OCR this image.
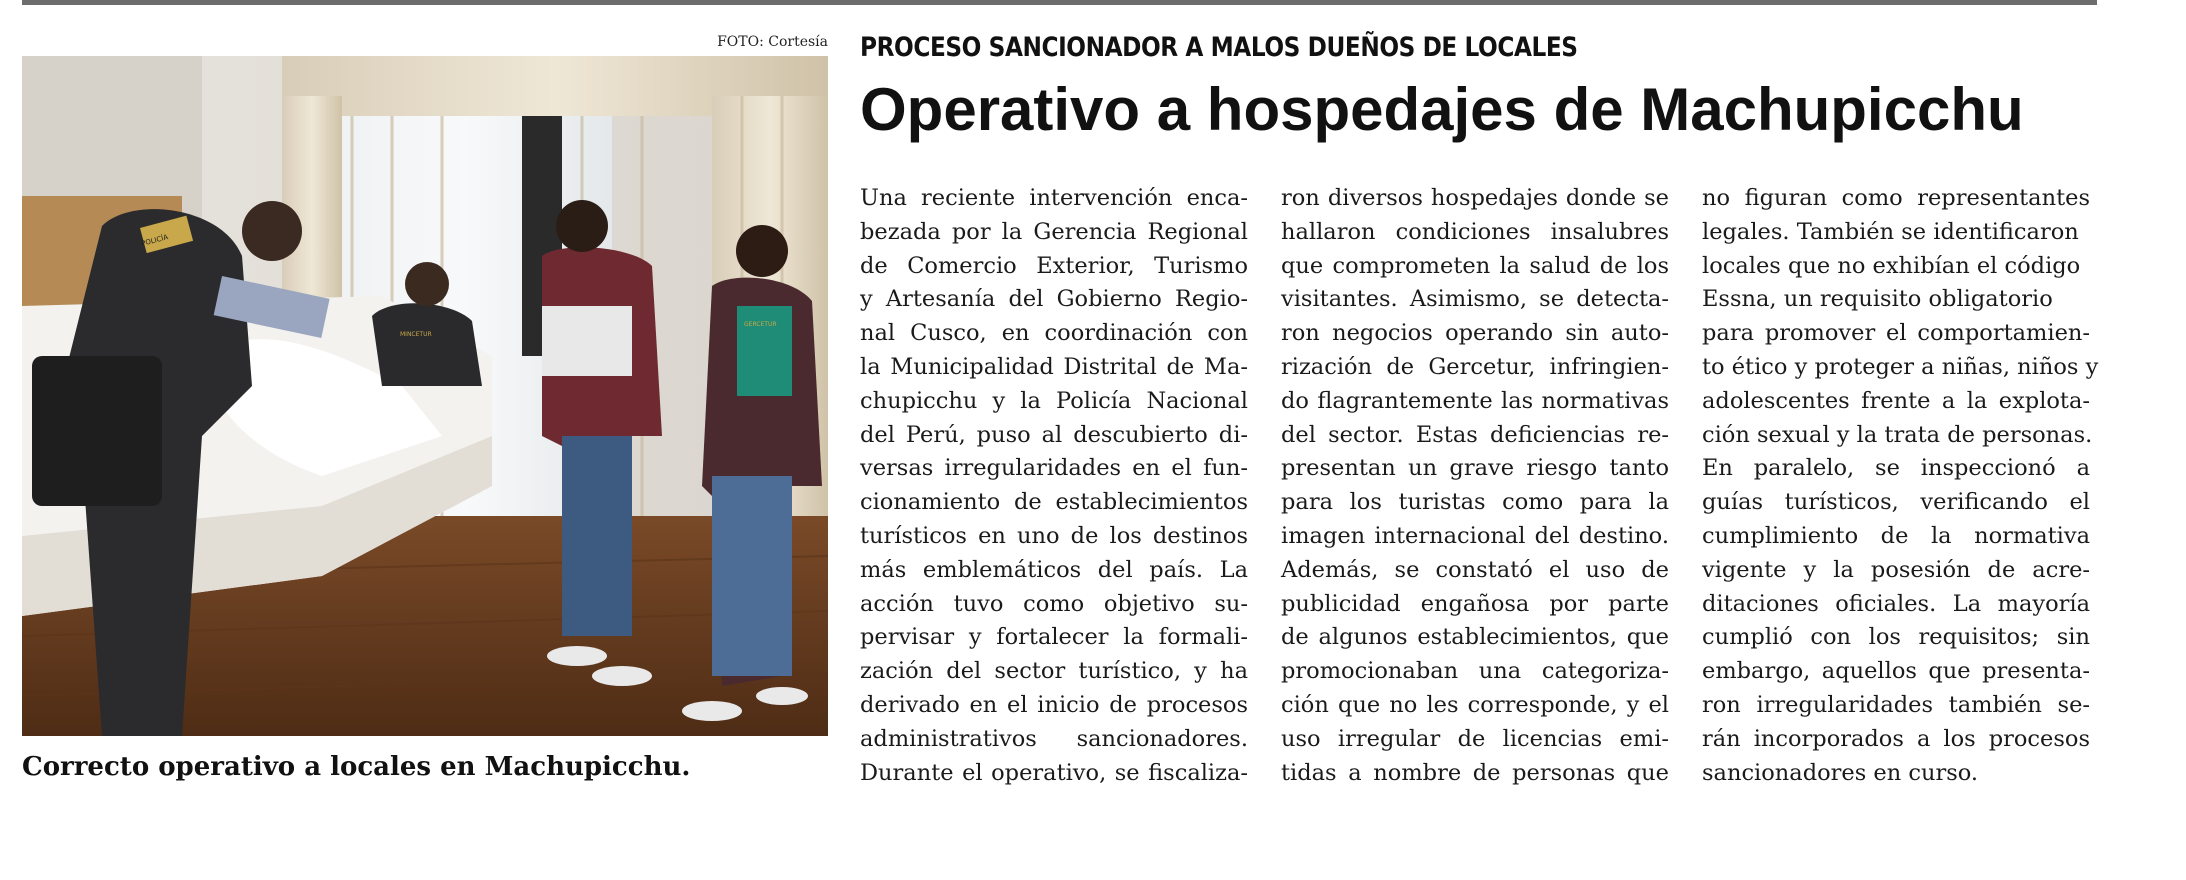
FOTO: Cortesía
POLICÍA
MINCETUR
GERCETUR
Correcto operativo a locales en Machupicchu.
PROCESO SANCIONADOR A MALOS DUEÑOS DE LOCALES
Operativo a hospedajes de Machupicchu
Una reciente intervención enca-
bezada por la Gerencia Regional
de Comercio Exterior, Turismo
y Artesanía del Gobierno Regio-
nal Cusco, en coordinación con
la Municipalidad Distrital de Ma-
chupicchu y la Policía Nacional
del Perú, puso al descubierto di-
versas irregularidades en el fun-
cionamiento de establecimientos
turísticos en uno de los destinos
más emblemáticos del país. La
acción tuvo como objetivo su-
pervisar y fortalecer la formali-
zación del sector turístico, y ha
derivado en el inicio de procesos
administrativos sancionadores.
Durante el operativo, se fiscaliza-
ron diversos hospedajes donde se
hallaron condiciones insalubres
que comprometen la salud de los
visitantes. Asimismo, se detecta-
ron negocios operando sin auto-
rización de Gercetur, infringien-
do flagrantemente las normativas
del sector. Estas deficiencias re-
presentan un grave riesgo tanto
para los turistas como para la
imagen internacional del destino.
Además, se constató el uso de
publicidad engañosa por parte
de algunos establecimientos, que
promocionaban una categoriza-
ción que no les corresponde, y el
uso irregular de licencias emi-
tidas a nombre de personas que
no figuran como representantes
legales. También se identificaron
locales que no exhibían el código
Essna, un requisito obligatorio
para promover el comportamien-
to ético y proteger a niñas, niños y
adolescentes frente a la explota-
ción sexual y la trata de personas.
En paralelo, se inspeccionó a
guías turísticos, verificando el
cumplimiento de la normativa
vigente y la posesión de acre-
ditaciones oficiales. La mayoría
cumplió con los requisitos; sin
embargo, aquellos que presenta-
ron irregularidades también se-
rán incorporados a los procesos
sancionadores en curso.
